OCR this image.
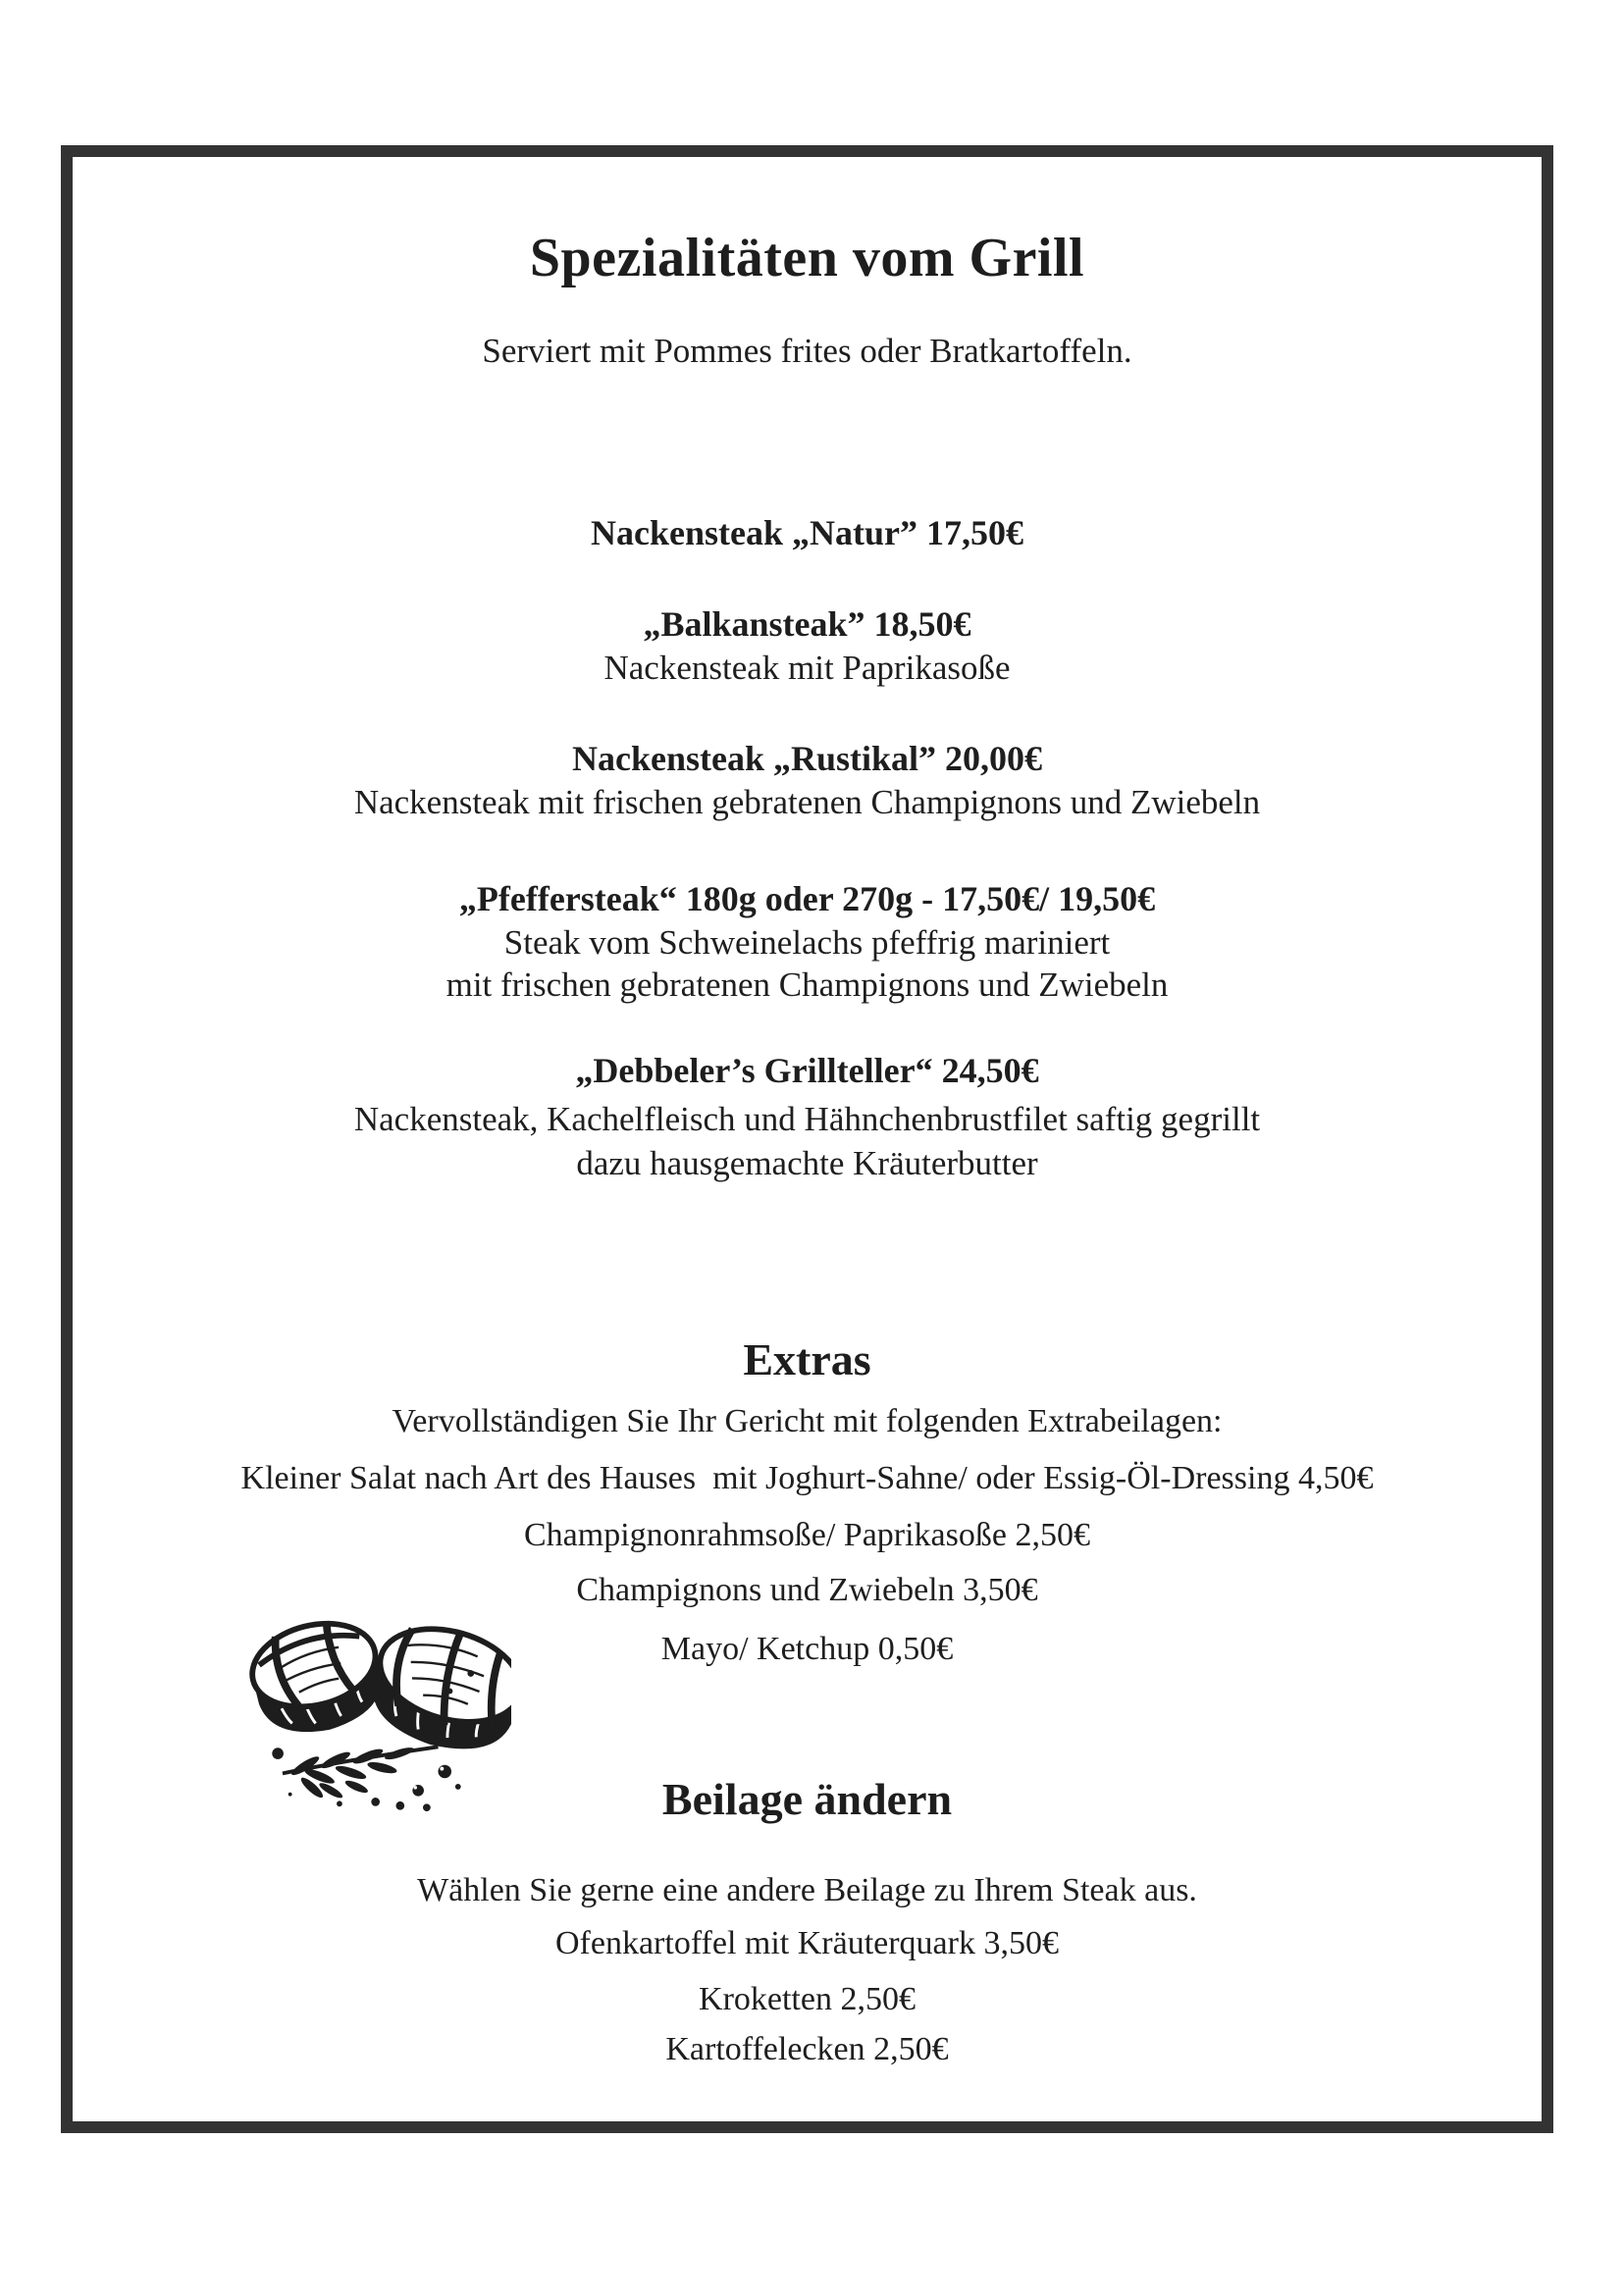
Spezialitäten vom Grill
Serviert mit Pommes frites oder Bratkartoffeln.
Nackensteak „Natur” 17,50€
„Balkansteak” 18,50€
Nackensteak mit Paprikasoße
Nackensteak „Rustikal” 20,00€
Nackensteak mit frischen gebratenen Champignons und Zwiebeln
„Pfeffersteak“ 180g oder 270g - 17,50€/ 19,50€
Steak vom Schweinelachs pfeffrig mariniert
mit frischen gebratenen Champignons und Zwiebeln
„Debbeler’s Grillteller“ 24,50€
Nackensteak, Kachelfleisch und Hähnchenbrustfilet saftig gegrillt
dazu hausgemachte Kräuterbutter
Extras
Vervollständigen Sie Ihr Gericht mit folgenden Extrabeilagen:
Kleiner Salat nach Art des Hauses  mit Joghurt-Sahne/ oder Essig-Öl-Dressing 4,50€
Champignonrahmsoße/ Paprikasoße 2,50€
Champignons und Zwiebeln 3,50€
Mayo/ Ketchup 0,50€
Beilage ändern
Wählen Sie gerne eine andere Beilage zu Ihrem Steak aus.
Ofenkartoffel mit Kräuterquark 3,50€
Kroketten 2,50€
Kartoffelecken 2,50€
